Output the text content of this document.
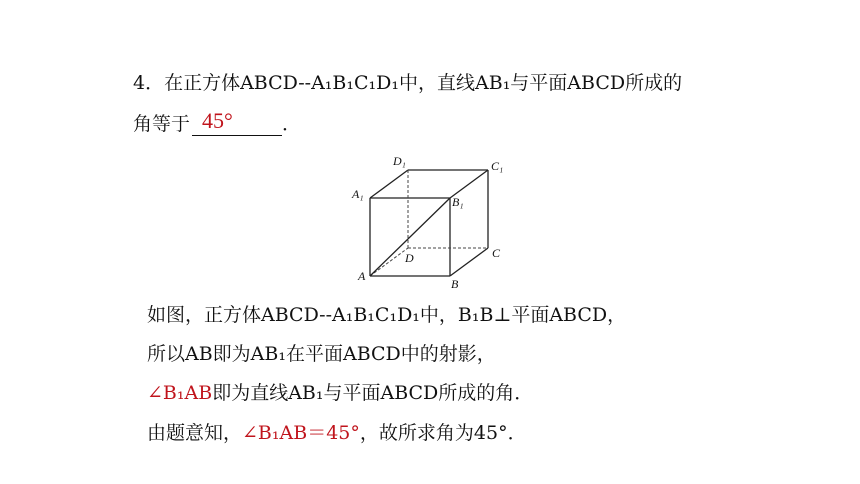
4．在正方体ABCD--A₁B₁C₁D₁中，直线AB₁与平面ABCD所成的
角等于 45°	．
D₁	C₁
A₁
B₁
D	C
A
B
如图，正方体ABCD--A₁B₁C₁D₁中，B₁B⊥平面ABCD，
所以AB即为AB₁在平面ABCD中的射影，
∠B₁AB即为直线AB₁与平面ABCD所成的角．
由题意知，∠B₁AB＝45°，故所求角为45°．
